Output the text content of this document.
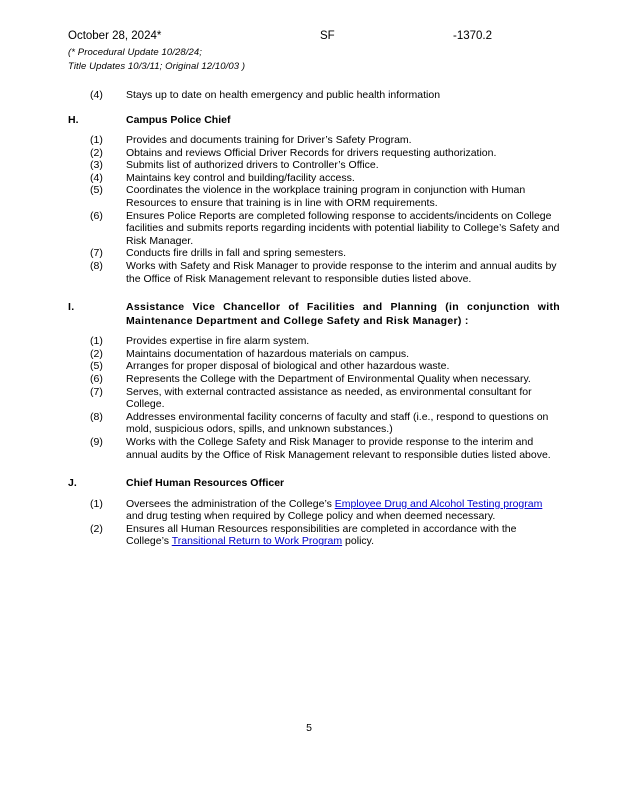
October 28, 2024*	SF	-1370.2
(* Procedural Update 10/28/24;
Title Updates 10/3/11; Original 12/10/03 )
(4)	Stays up to date on health emergency and public health information
H.	Campus Police Chief
(1)	Provides and documents training for Driver’s Safety Program.
(2)	Obtains and reviews Official Driver Records for drivers requesting authorization.
(3)	Submits list of authorized drivers to Controller’s Office.
(4)	Maintains key control and building/facility access.
(5)	Coordinates the violence in the workplace training program in conjunction with Human Resources to ensure that training is in line with ORM requirements.
(6)	Ensures Police Reports are completed following response to accidents/incidents on College facilities and submits reports regarding incidents with potential liability to College’s Safety and Risk Manager.
(7)	Conducts fire drills in fall and spring semesters.
(8)	Works with Safety and Risk Manager to provide response to the interim and annual audits by the Office of Risk Management relevant to responsible duties listed above.
I.	Assistance Vice Chancellor of Facilities and Planning (in conjunction with Maintenance Department and College Safety and Risk Manager) :
(1)	Provides expertise in fire alarm system.
(2)	Maintains documentation of hazardous materials on campus.
(5)	Arranges for proper disposal of biological and other hazardous waste.
(6)	Represents the College with the Department of Environmental Quality when necessary.
(7)	Serves, with external contracted assistance as needed, as environmental consultant for College.
(8)	Addresses environmental facility concerns of faculty and staff (i.e., respond to questions on mold, suspicious odors, spills, and unknown substances.)
(9)	Works with the College Safety and Risk Manager to provide response to the interim and annual audits by the Office of Risk Management relevant to responsible duties listed above.
J.	Chief Human Resources Officer
(1)	Oversees the administration of the College’s Employee Drug and Alcohol Testing program and drug testing when required by College policy and when deemed necessary.
(2)	Ensures all Human Resources responsibilities are completed in accordance with the College’s Transitional Return to Work Program policy.
5
